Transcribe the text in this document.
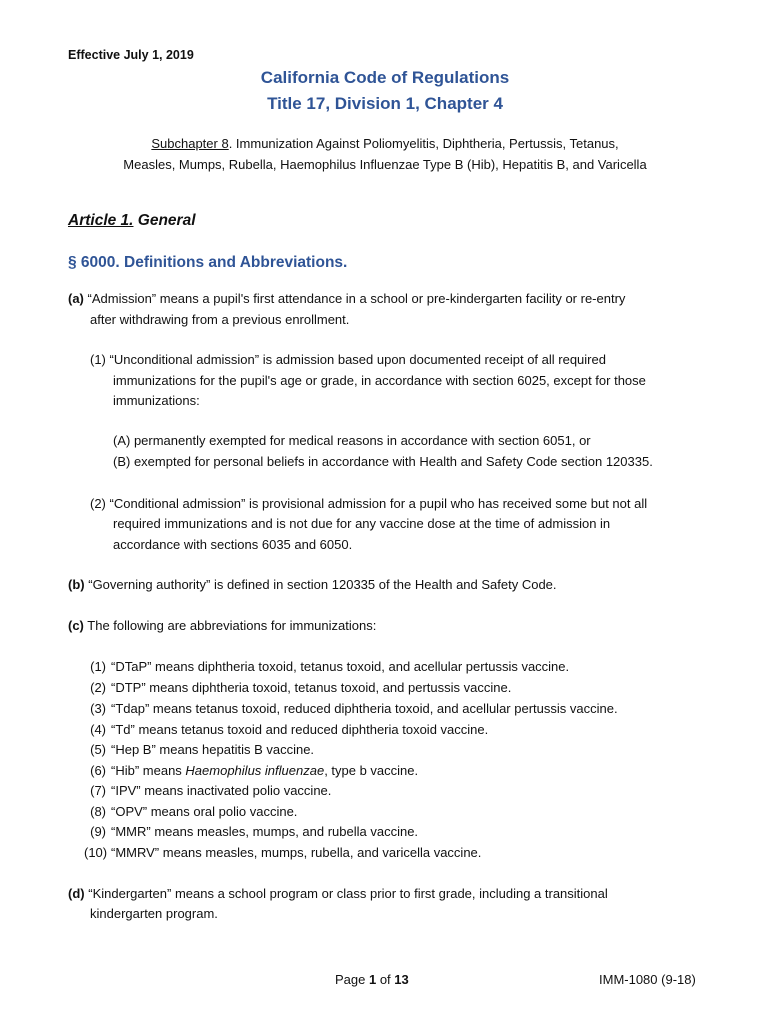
Effective July 1, 2019
California Code of Regulations
Title 17, Division 1, Chapter 4
Subchapter 8. Immunization Against Poliomyelitis, Diphtheria, Pertussis, Tetanus,
Measles, Mumps, Rubella, Haemophilus Influenzae Type B (Hib), Hepatitis B, and Varicella
Article 1. General
§ 6000. Definitions and Abbreviations.
(a) “Admission” means a pupil's first attendance in a school or pre-kindergarten facility or re-entry
after withdrawing from a previous enrollment.
(1) “Unconditional admission” is admission based upon documented receipt of all required
immunizations for the pupil's age or grade, in accordance with section 6025, except for those
immunizations:
(A) permanently exempted for medical reasons in accordance with section 6051, or
(B) exempted for personal beliefs in accordance with Health and Safety Code section 120335.
(2) “Conditional admission” is provisional admission for a pupil who has received some but not all
required immunizations and is not due for any vaccine dose at the time of admission in
accordance with sections 6035 and 6050.
(b) “Governing authority” is defined in section 120335 of the Health and Safety Code.
(c) The following are abbreviations for immunizations:
(1) “DTaP” means diphtheria toxoid, tetanus toxoid, and acellular pertussis vaccine.
(2) “DTP” means diphtheria toxoid, tetanus toxoid, and pertussis vaccine.
(3) “Tdap” means tetanus toxoid, reduced diphtheria toxoid, and acellular pertussis vaccine.
(4) “Td” means tetanus toxoid and reduced diphtheria toxoid vaccine.
(5) “Hep B” means hepatitis B vaccine.
(6) “Hib” means Haemophilus influenzae, type b vaccine.
(7) “IPV” means inactivated polio vaccine.
(8) “OPV” means oral polio vaccine.
(9) “MMR” means measles, mumps, and rubella vaccine.
(10) “MMRV” means measles, mumps, rubella, and varicella vaccine.
(d) “Kindergarten” means a school program or class prior to first grade, including a transitional
kindergarten program.
Page 1 of 13	IMM-1080 (9-18)
